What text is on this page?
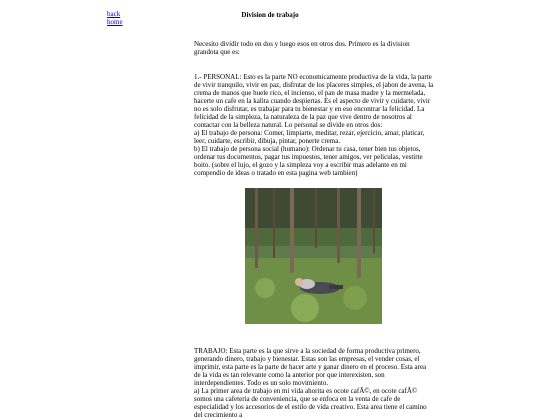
back
home
Division de trabajo

Necesito dividir todo en dos y luego esos en otros dos. Primero es la division grandota que es:

1.- PERSONAL: Esto es la parte NO economicamente productiva de la vida, la parte de vivir tranquilo, vivir en paz, disfrutar de los placeres simples, el jabon de avena, la crema de manos que huele rico, el incienso, el pan de masa madre y la mermelada, hacerte un cafe en la kalita cuando despiertas. Es el aspecto de vivir y cuidarte, vivir no es solo disfrutar, es trabajar para tu bienestar y en eso encontrar la felicidad. La felicidad de la simpleza, la naturaleza de la paz que vive dentro de nosotros al contactar con la belleza natural. Lo personal se divide en otros dos:

a) El trabajo de persona: Comer, limpiarte, meditar, rezar, ejercicio, amar, platicar, leer, cuidarte, escribir, dibuja, pintar, ponerte crema.

b) El trabajo de persona social (humano): Ordenar tu casa, tener bien tus objetos, ordenar tus documentos, pagar tus impuestos, tener amigos, ver peliculas, vestirte boito. (sobre el lujo, el gozo y la simpleza voy a escribir mas adelante en mi compendio de ideas o tratado en esta pagina web tambien)

TRABAJO: Esta parte es la que sirve a la sociedad de forma productiva primero, generando dinero, trabajo y bienestar. Estas son las empresas, el vender cosas, el imprimir, esta parte es la parte de hacer arte y ganar dinero en el proceso. Esta area de la vida es tan relevante como la anterior por que interexisten, son interdependientes. Todo es un solo movimiento.

a) La primer area de trabajo en mi vida ahorita es ocote cafÃ©, en ocote cafÃ© somos una cafeteria de conveniencia, que se enfoca en la venta de cafe de especialidad y los accesorios de el estilo de vida creativo. Esta area tiene el camino del crecimiento a
